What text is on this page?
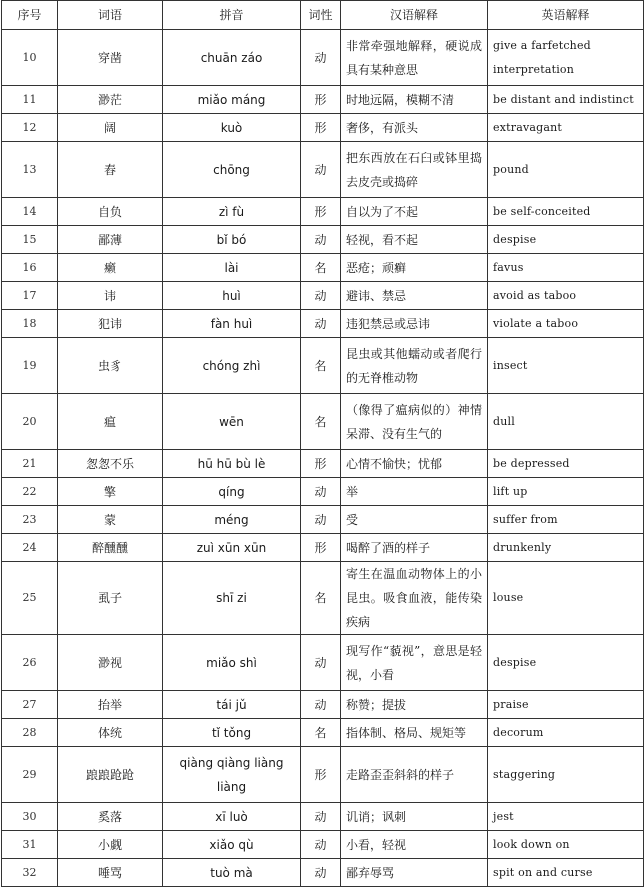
序号	词语	拼音	词性	汉语解释	英语解释
10	穿凿	chuān záo	动	非常牵强地解释，硬说成具有某种意思	give a farfetched interpretation
11	渺茫	miǎo máng	形	时地远隔，模糊不清	be distant and indistinct
12	阔	kuò	形	奢侈，有派头	extravagant
13	舂	chōng	动	把东西放在石臼或钵里捣去皮壳或捣碎	pound
14	自负	zì fù	形	自以为了不起	be self-conceited
15	鄙薄	bǐ bó	动	轻视，看不起	despise
16	癞	lài	名	恶疮；顽癣	favus
17	讳	huì	动	避讳、禁忌	avoid as taboo
18	犯讳	fàn huì	动	违犯禁忌或忌讳	violate a taboo
19	虫豸	chóng zhì	名	昆虫或其他蠕动或者爬行的无脊椎动物	insect
20	瘟	wēn	名	（像得了瘟病似的）神情呆滞、没有生气的	dull
21	怱怱不乐	hū hū bù lè	形	心情不愉快；忧郁	be depressed
22	擎	qíng	动	举	lift up
23	蒙	méng	动	受	suffer from
24	醉醺醺	zuì xūn xūn	形	喝醉了酒的样子	drunkenly
25	虱子	shī zi	名	寄生在温血动物体上的小昆虫。吸食血液，能传染疾病	louse
26	渺视	miǎo shì	动	现写作“藐视”，意思是轻视，小看	despise
27	抬举	tái jǔ	动	称赞；提拔	praise
28	体统	tǐ tǒng	名	指体制、格局、规矩等	decorum
29	踉踉跄跄	qiàng qiàng liàng liàng	形	走路歪歪斜斜的样子	staggering
30	奚落	xī luò	动	讥诮；讽刺	jest
31	小觑	xiǎo qù	动	小看，轻视	look down on
32	唾骂	tuò mà	动	鄙弃辱骂	spit on and curse
